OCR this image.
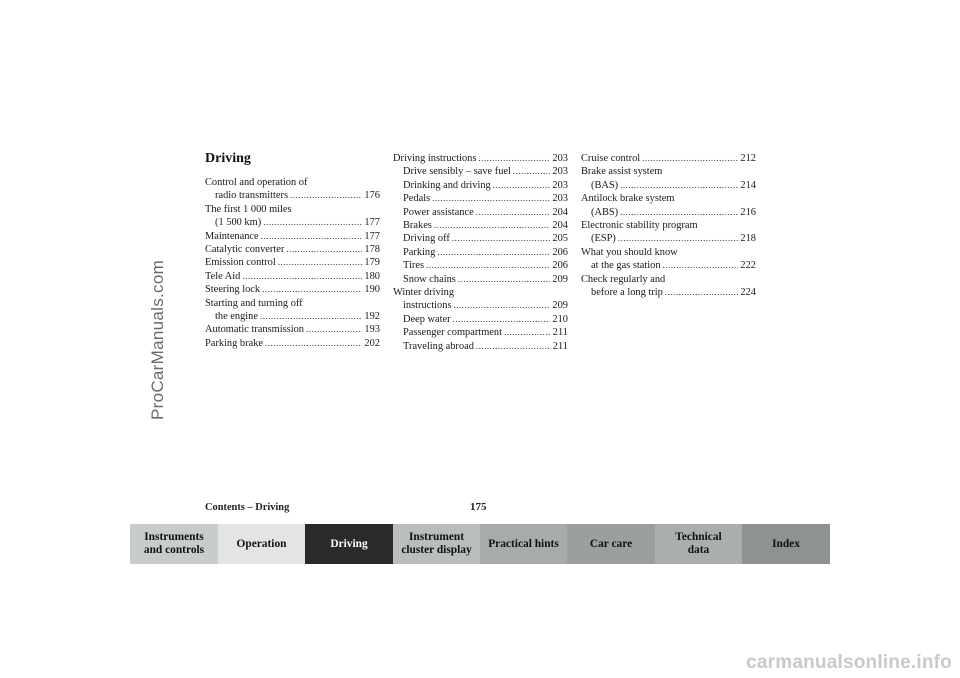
ProCarManuals.com
Driving
Control and operation of
radio transmitters .....	176
The first 1 000 miles
(1 500 km) .....	177
Maintenance .....	177
Catalytic converter .....	178
Emission control .....	179
Tele Aid .....	180
Steering lock .....	190
Starting and turning off
the engine .....	192
Automatic transmission .....	193
Parking brake .....	202
Driving instructions .....	203
Drive sensibly – save fuel .....	203
Drinking and driving .....	203
Pedals .....	203
Power assistance .....	204
Brakes .....	204
Driving off .....	205
Parking .....	206
Tires .....	206
Snow chains .....	209
Winter driving
instructions .....	209
Deep water .....	210
Passenger compartment .....	211
Traveling abroad .....	211
Cruise control .....	212
Brake assist system
(BAS) .....	214
Antilock brake system
(ABS) .....	216
Electronic stability program
(ESP) .....	218
What you should know
at the gas station .....	222
Check regularly and
before a long trip .....	224
Contents – Driving	175
Instruments
and controls
Operation	Driving
Instrument
cluster display
Practical hints	Car care
Technical
data
Index
carmanualsonline.info
